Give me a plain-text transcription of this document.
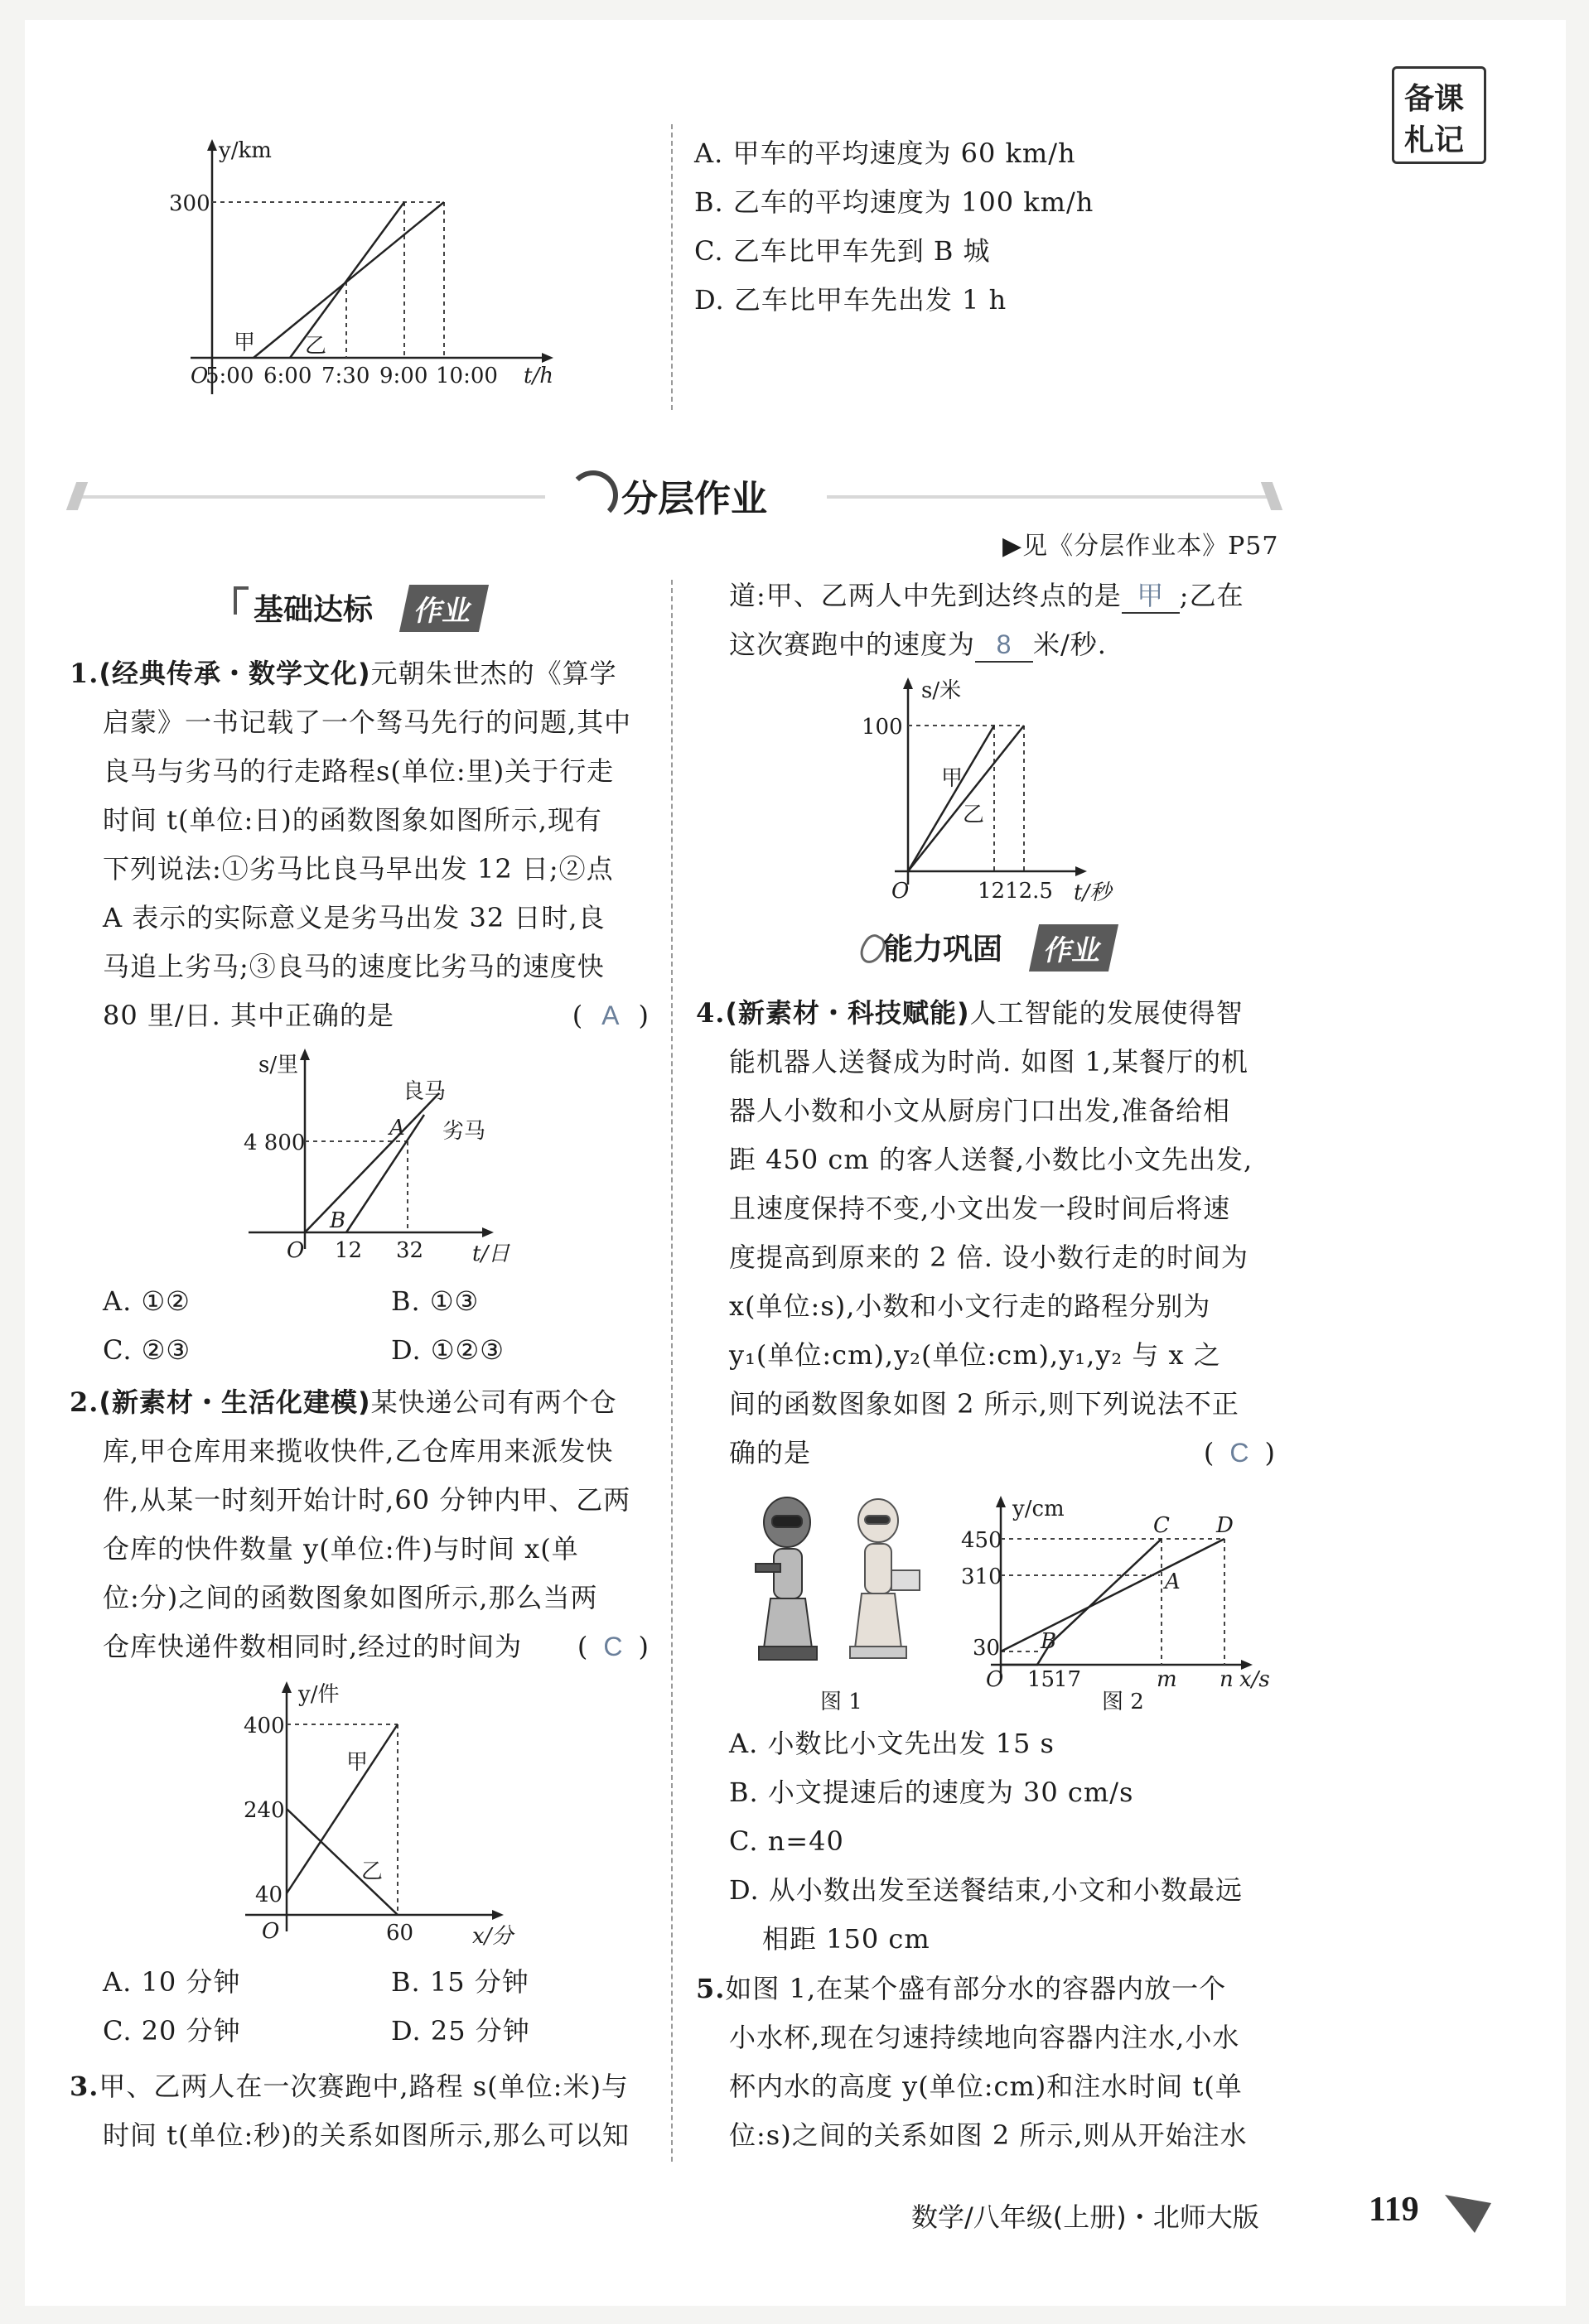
备课
札记
y/km
300
O
5:00 6:00 7:30 9:00 10:00 t/h
甲 乙
A. 甲车的平均速度为 60 km/h
B. 乙车的平均速度为 100 km/h
C. 乙车比甲车先到 B 城
D. 乙车比甲车先出发 1 h
分层作业
▶见《分层作业本》P57
基础达标	作业
1.(经典传承・数学文化)元朝朱世杰的《算学
启蒙》一书记载了一个驽马先行的问题,其中
良马与劣马的行走路程s(单位:里)关于行走
时间 t(单位:日)的函数图象如图所示,现有
下列说法:①劣马比良马早出发 12 日;②点
A 表示的实际意义是劣马出发 32 日时,良
马追上劣马;③良马的速度比劣马的速度快
80 里/日. 其中正确的是	( A )
s/里
4 800
O 12 32 t/日
良马
劣马
A
B
A. ①②	B. ①③
C. ②③	D. ①②③
2.(新素材・生活化建模)某快递公司有两个仓
库,甲仓库用来揽收快件,乙仓库用来派发快
件,从某一时刻开始计时,60 分钟内甲、乙两
仓库的快件数量 y(单位:件)与时间 x(单
位:分)之间的函数图象如图所示,那么当两
仓库快递件数相同时,经过的时间为 ( C )
y/件
400
240
40
O	60	x/分
甲
乙
A. 10 分钟	B. 15 分钟
C. 20 分钟	D. 25 分钟
3.甲、乙两人在一次赛跑中,路程 s(单位:米)与
时间 t(单位:秒)的关系如图所示,那么可以知
道:甲、乙两人中先到达终点的是 甲 ;乙在
这次赛跑中的速度为 8 米/秒.
s/米
100
O	1212.5 t/秒
甲
乙
能力巩固	作业
4.(新素材・科技赋能)人工智能的发展使得智
能机器人送餐成为时尚. 如图 1,某餐厅的机
器人小数和小文从厨房门口出发,准备给相
距 450 cm 的客人送餐,小数比小文先出发,
且速度保持不变,小文出发一段时间后将速
度提高到原来的 2 倍. 设小数行走的时间为
x(单位:s),小数和小文行走的路程分别为
y₁(单位:cm),y₂(单位:cm),y₁,y₂ 与 x 之
间的函数图象如图 2 所示,则下列说法不正
确的是	( C )
y/cm
450
310
30
O 15
17	m n x/s
A
B
C D
图 1	图 2
A. 小数比小文先出发 15 s
B. 小文提速后的速度为 30 cm/s
C. n=40
D. 从小数出发至送餐结束,小文和小数最远
相距 150 cm
5.如图 1,在某个盛有部分水的容器内放一个
小水杯,现在匀速持续地向容器内注水,小水
杯内水的高度 y(单位:cm)和注水时间 t(单
位:s)之间的关系如图 2 所示,则从开始注水
数学/八年级(上册)・北师大版	119
